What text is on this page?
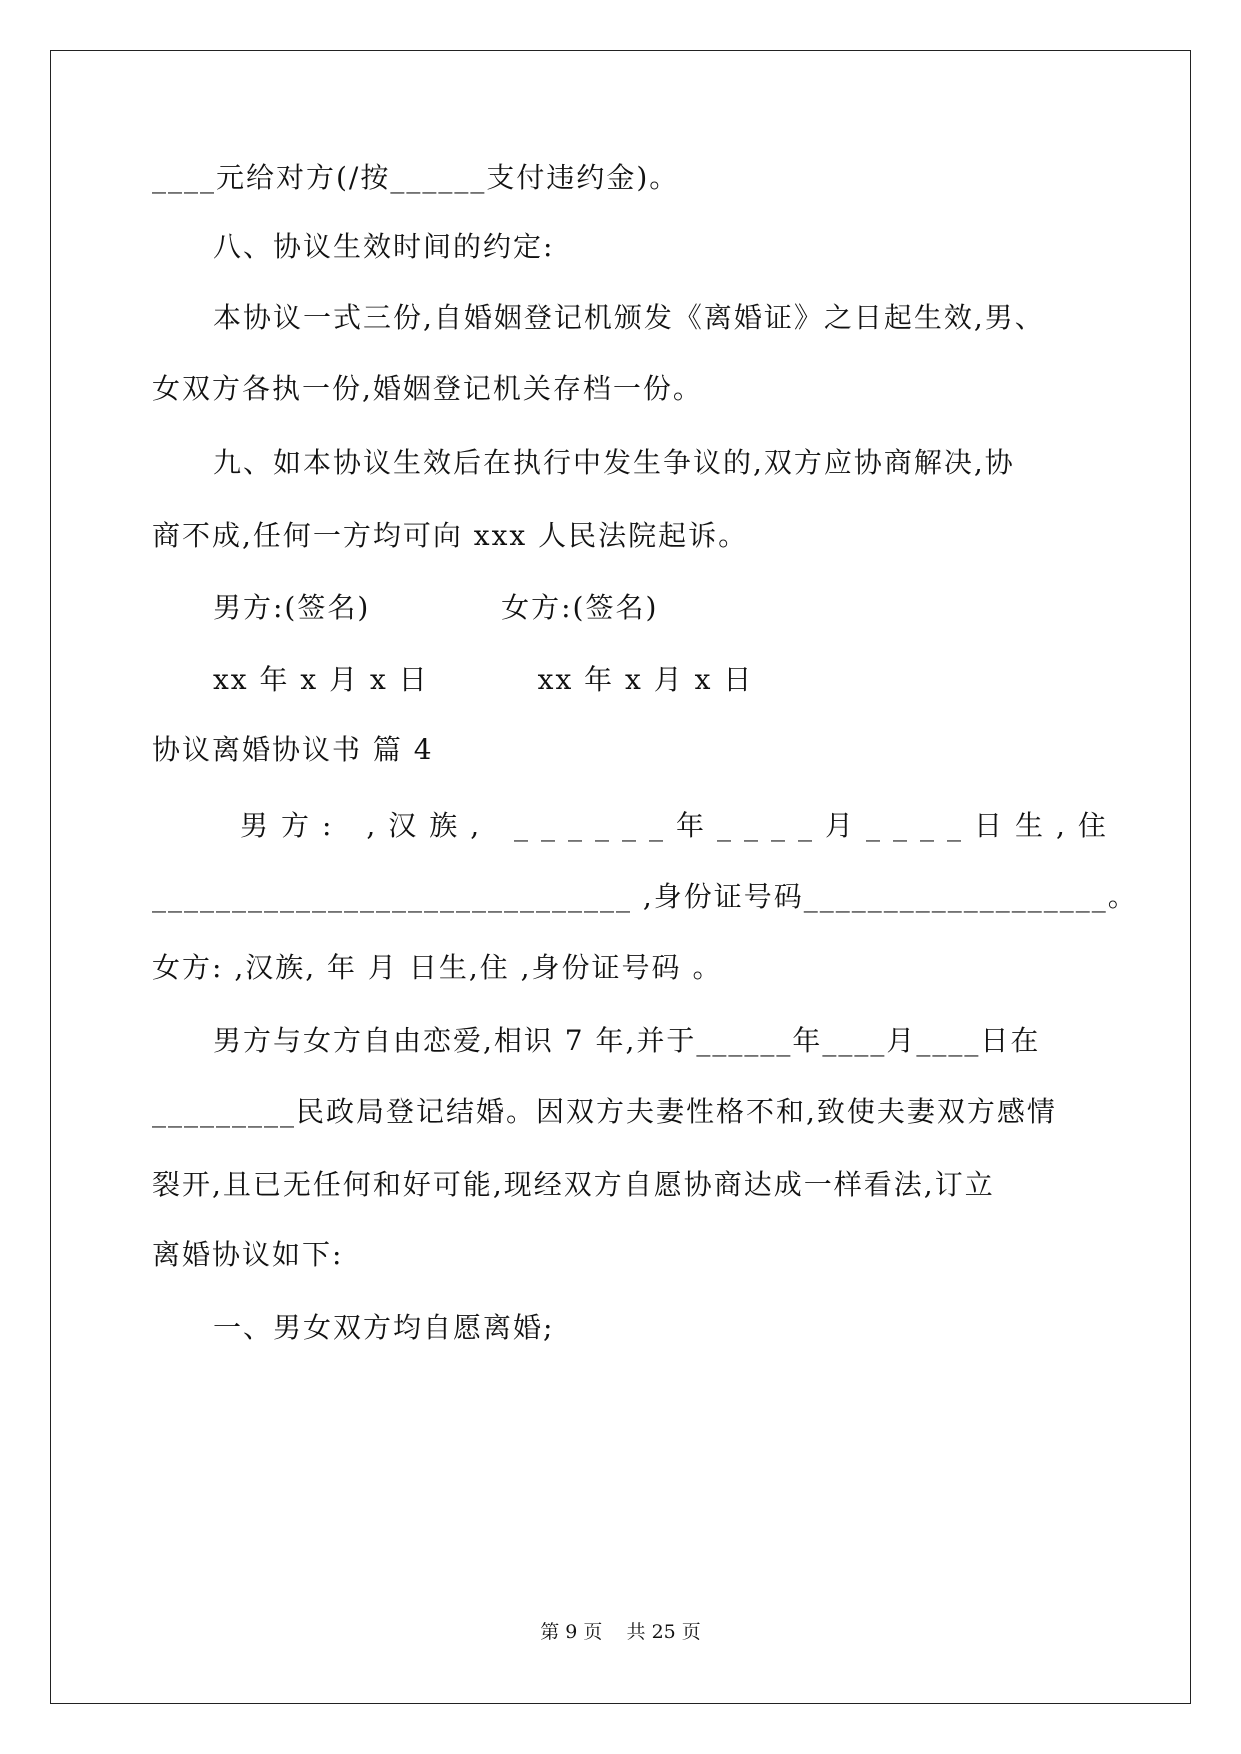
____元给对方(/按______支付违约金)。
八、协议生效时间的约定:
本协议一式三份,自婚姻登记机颁发《离婚证》之日起生效,男、
女双方各执一份,婚姻登记机关存档一份。
九、如本协议生效后在执行中发生争议的,双方应协商解决,协
商不成,任何一方均可向 xxx 人民法院起诉。
男方:(签名)            女方:(签名)
xx 年 x 月 x 日          xx 年 x 月 x 日
协议离婚协议书 篇 4
男方: ,汉族, ______年____月____日生,住
______________________________ ,身份证号码___________________。
女方: ,汉族, 年 月 日生,住 ,身份证号码 。
男方与女方自由恋爱,相识 7 年,并于______年____月____日在
_________民政局登记结婚。因双方夫妻性格不和,致使夫妻双方感情
裂开,且已无任何和好可能,现经双方自愿协商达成一样看法,订立
离婚协议如下:
一、男女双方均自愿离婚;
第 9 页    共 25 页
